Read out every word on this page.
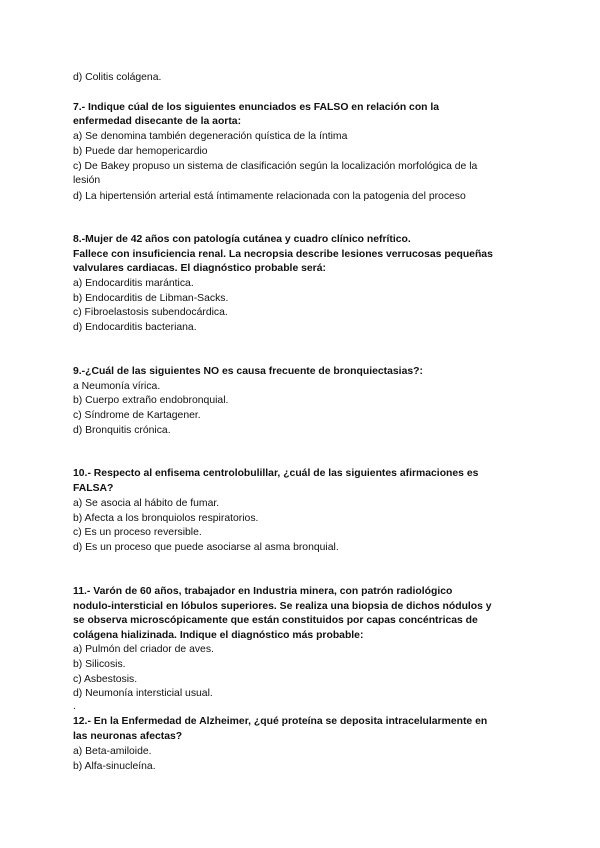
d) Colitis colágena.
7.- Indique cúal de los siguientes enunciados es FALSO en relación con la
enfermedad disecante de la aorta:
a) Se denomina también degeneración quística de la íntima
b) Puede dar hemopericardio
c) De Bakey propuso un sistema de clasificación según la localización morfológica de la
lesión
d) La hipertensión arterial está íntimamente relacionada con la patogenia del proceso
8.-Mujer de 42 años con patología cutánea y cuadro clínico nefrítico.
Fallece con insuficiencia renal. La necropsia describe lesiones verrucosas pequeñas
valvulares cardiacas. El diagnóstico probable será:
a) Endocarditis marántica.
b) Endocarditis de Libman-Sacks.
c) Fibroelastosis subendocárdica.
d) Endocarditis bacteriana.
9.-¿Cuál de las siguientes NO es causa frecuente de bronquiectasias?:
a Neumonía vírica.
b) Cuerpo extraño endobronquial.
c) Síndrome de Kartagener.
d) Bronquitis crónica.
10.- Respecto al enfisema centrolobulillar, ¿cuál de las siguientes afirmaciones es
FALSA?
a) Se asocia al hábito de fumar.
b) Afecta a los bronquiolos respiratorios.
c) Es un proceso reversible.
d) Es un proceso que puede asociarse al asma bronquial.
11.- Varón de 60 años, trabajador en Industria minera, con patrón radiológico
nodulo-intersticial en lóbulos superiores. Se realiza una biopsia de dichos nódulos y
se observa microscópicamente que están constituidos por capas concéntricas de
colágena hializinada. Indique el diagnóstico más probable:
a) Pulmón del criador de aves.
b) Silicosis.
c) Asbestosis.
d) Neumonía intersticial usual.
.
12.- En la Enfermedad de Alzheimer, ¿qué proteína se deposita intracelularmente en
las neuronas afectas?
a) Beta-amiloide.
b) Alfa-sinucleína.
